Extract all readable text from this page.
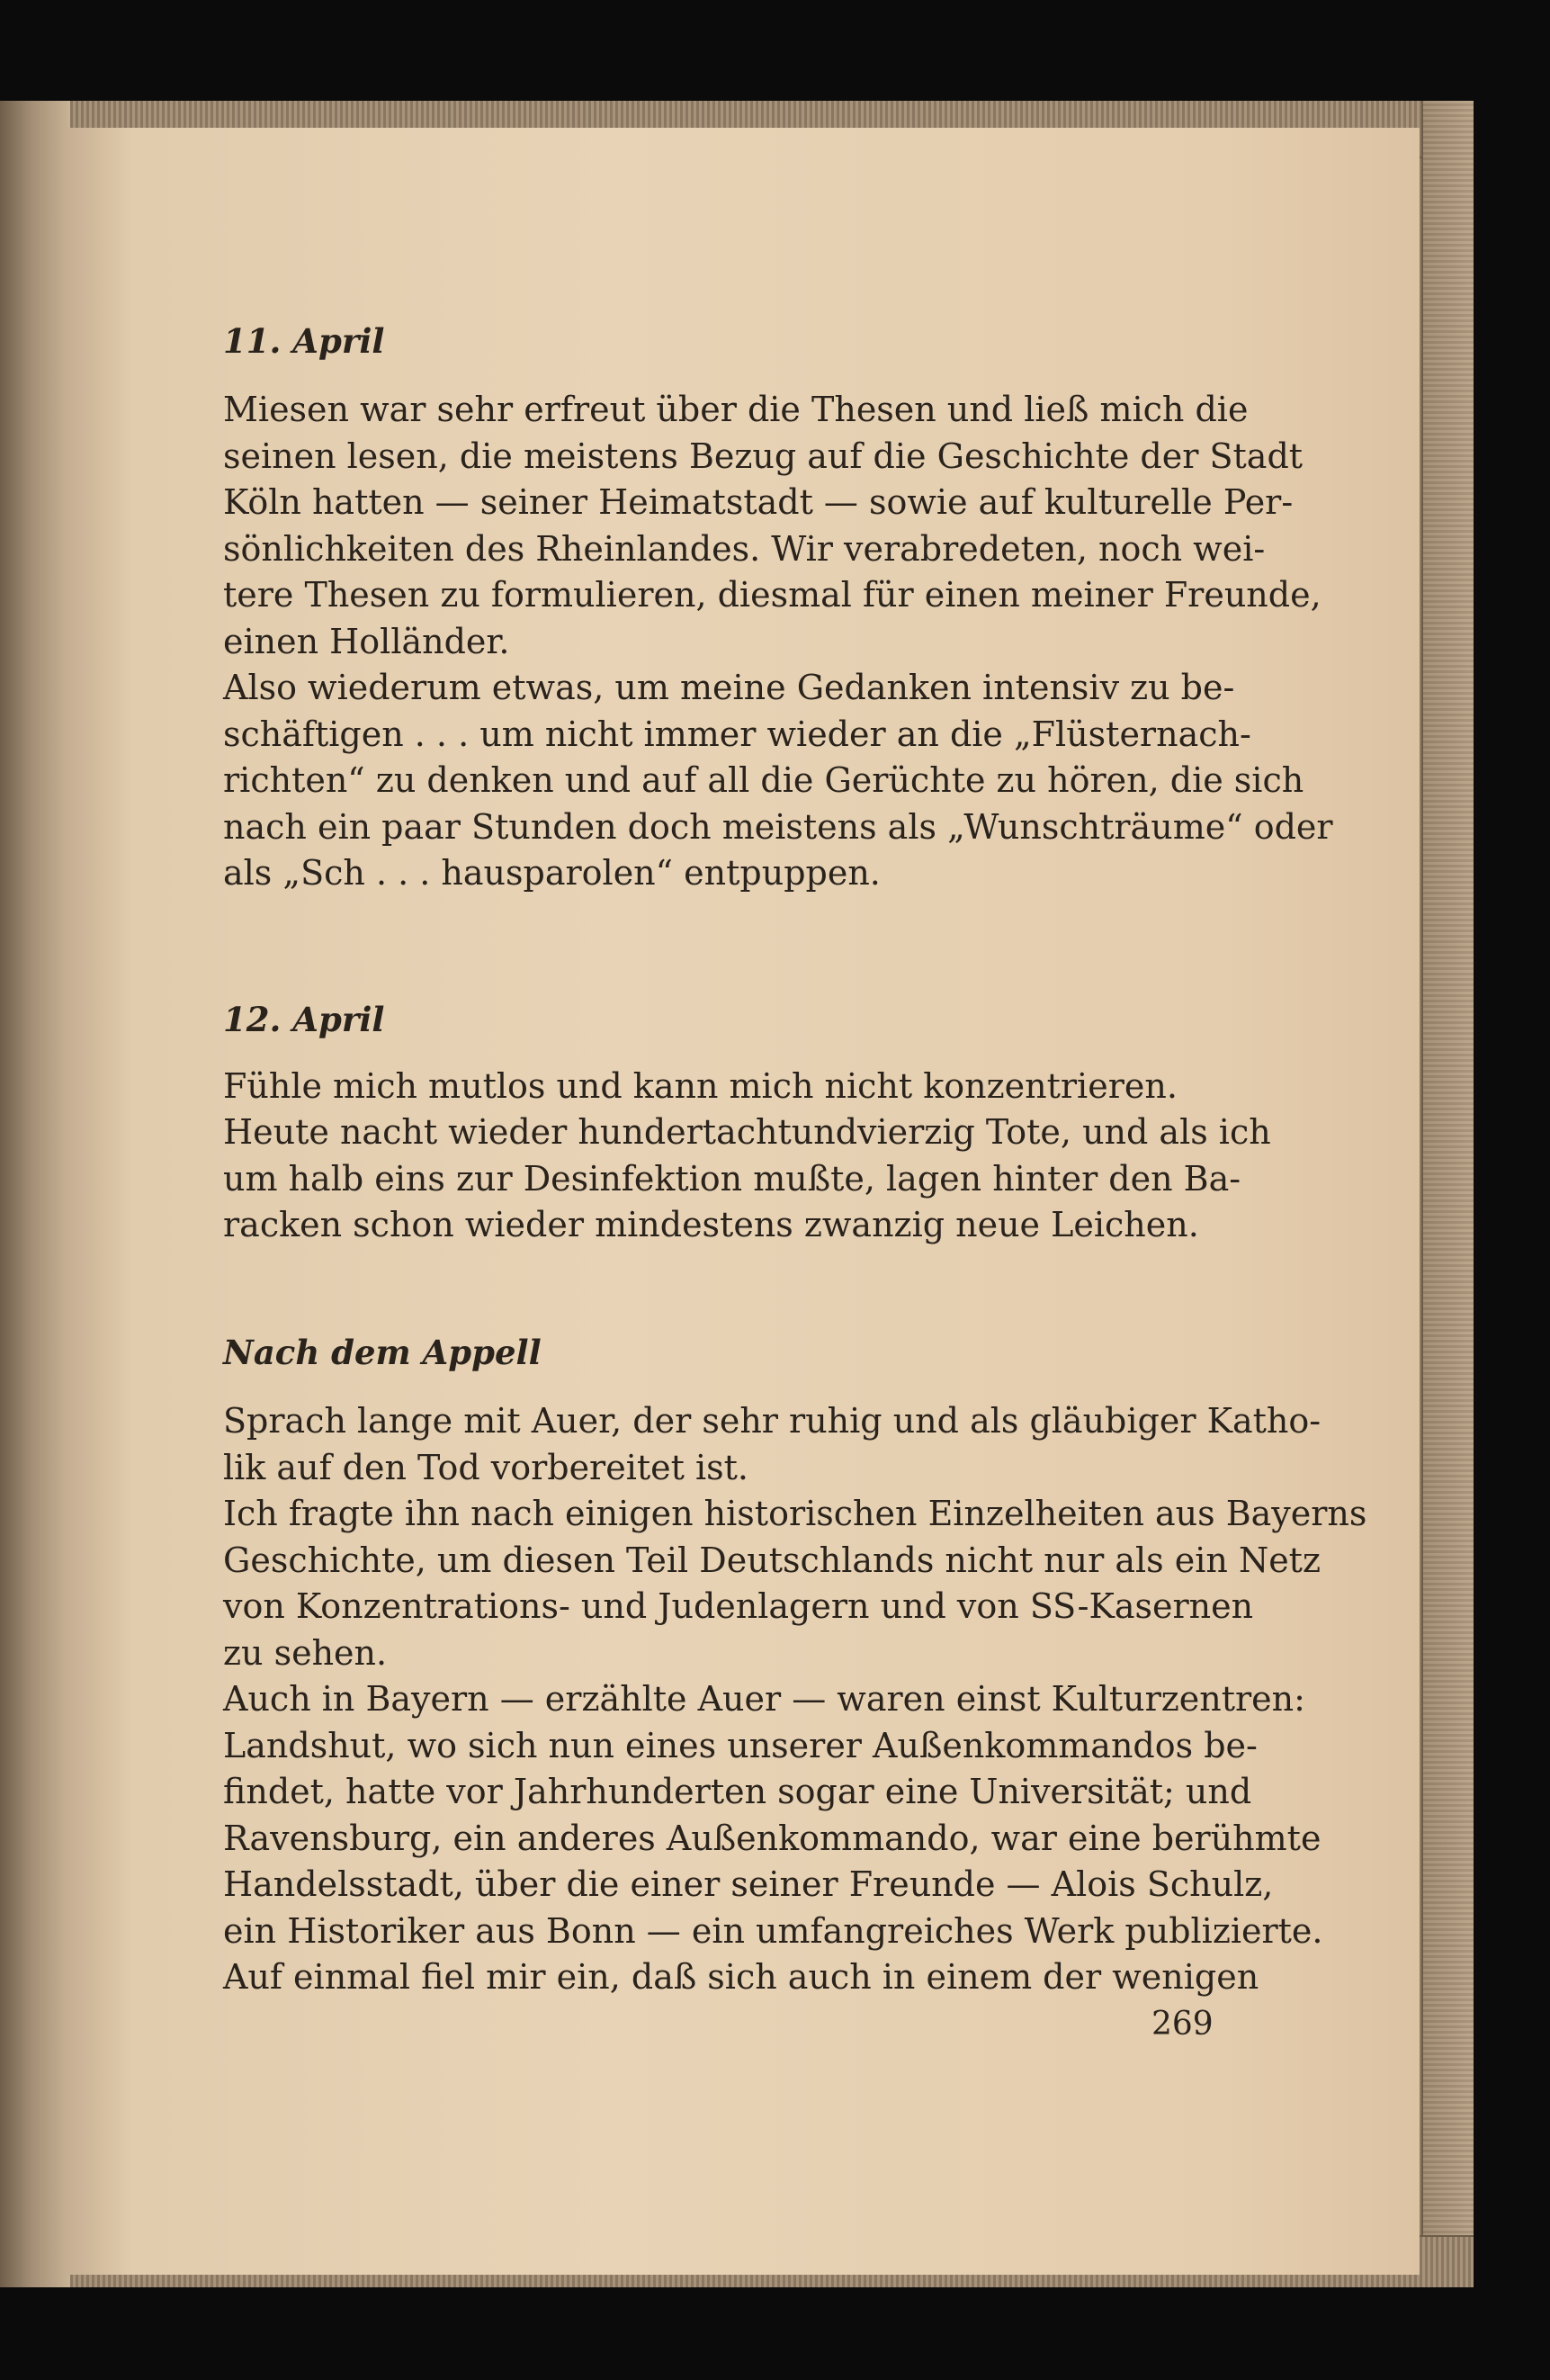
11. April
Miesen war sehr erfreut über die Thesen und ließ mich die
seinen lesen, die meistens Bezug auf die Geschichte der Stadt
Köln hatten — seiner Heimatstadt — sowie auf kulturelle Per-
sönlichkeiten des Rheinlandes. Wir verabredeten, noch wei-
tere Thesen zu formulieren, diesmal für einen meiner Freunde,
einen Holländer.
Also wiederum etwas, um meine Gedanken intensiv zu be-
schäftigen . . . um nicht immer wieder an die „Flüsternach-
richten“ zu denken und auf all die Gerüchte zu hören, die sich
nach ein paar Stunden doch meistens als „Wunschträume“ oder
als „Sch . . . hausparolen“ entpuppen.
12. April
Fühle mich mutlos und kann mich nicht konzentrieren.
Heute nacht wieder hundertachtundvierzig Tote, und als ich
um halb eins zur Desinfektion mußte, lagen hinter den Ba-
racken schon wieder mindestens zwanzig neue Leichen.
Nach dem Appell
Sprach lange mit Auer, der sehr ruhig und als gläubiger Katho-
lik auf den Tod vorbereitet ist.
Ich fragte ihn nach einigen historischen Einzelheiten aus Bayerns
Geschichte, um diesen Teil Deutschlands nicht nur als ein Netz
von Konzentrations- und Judenlagern und von SS-Kasernen
zu sehen.
Auch in Bayern — erzählte Auer — waren einst Kulturzentren:
Landshut, wo sich nun eines unserer Außenkommandos be-
findet, hatte vor Jahrhunderten sogar eine Universität; und
Ravensburg, ein anderes Außenkommando, war eine berühmte
Handelsstadt, über die einer seiner Freunde — Alois Schulz,
ein Historiker aus Bonn — ein umfangreiches Werk publizierte.
Auf einmal fiel mir ein, daß sich auch in einem der wenigen
269
